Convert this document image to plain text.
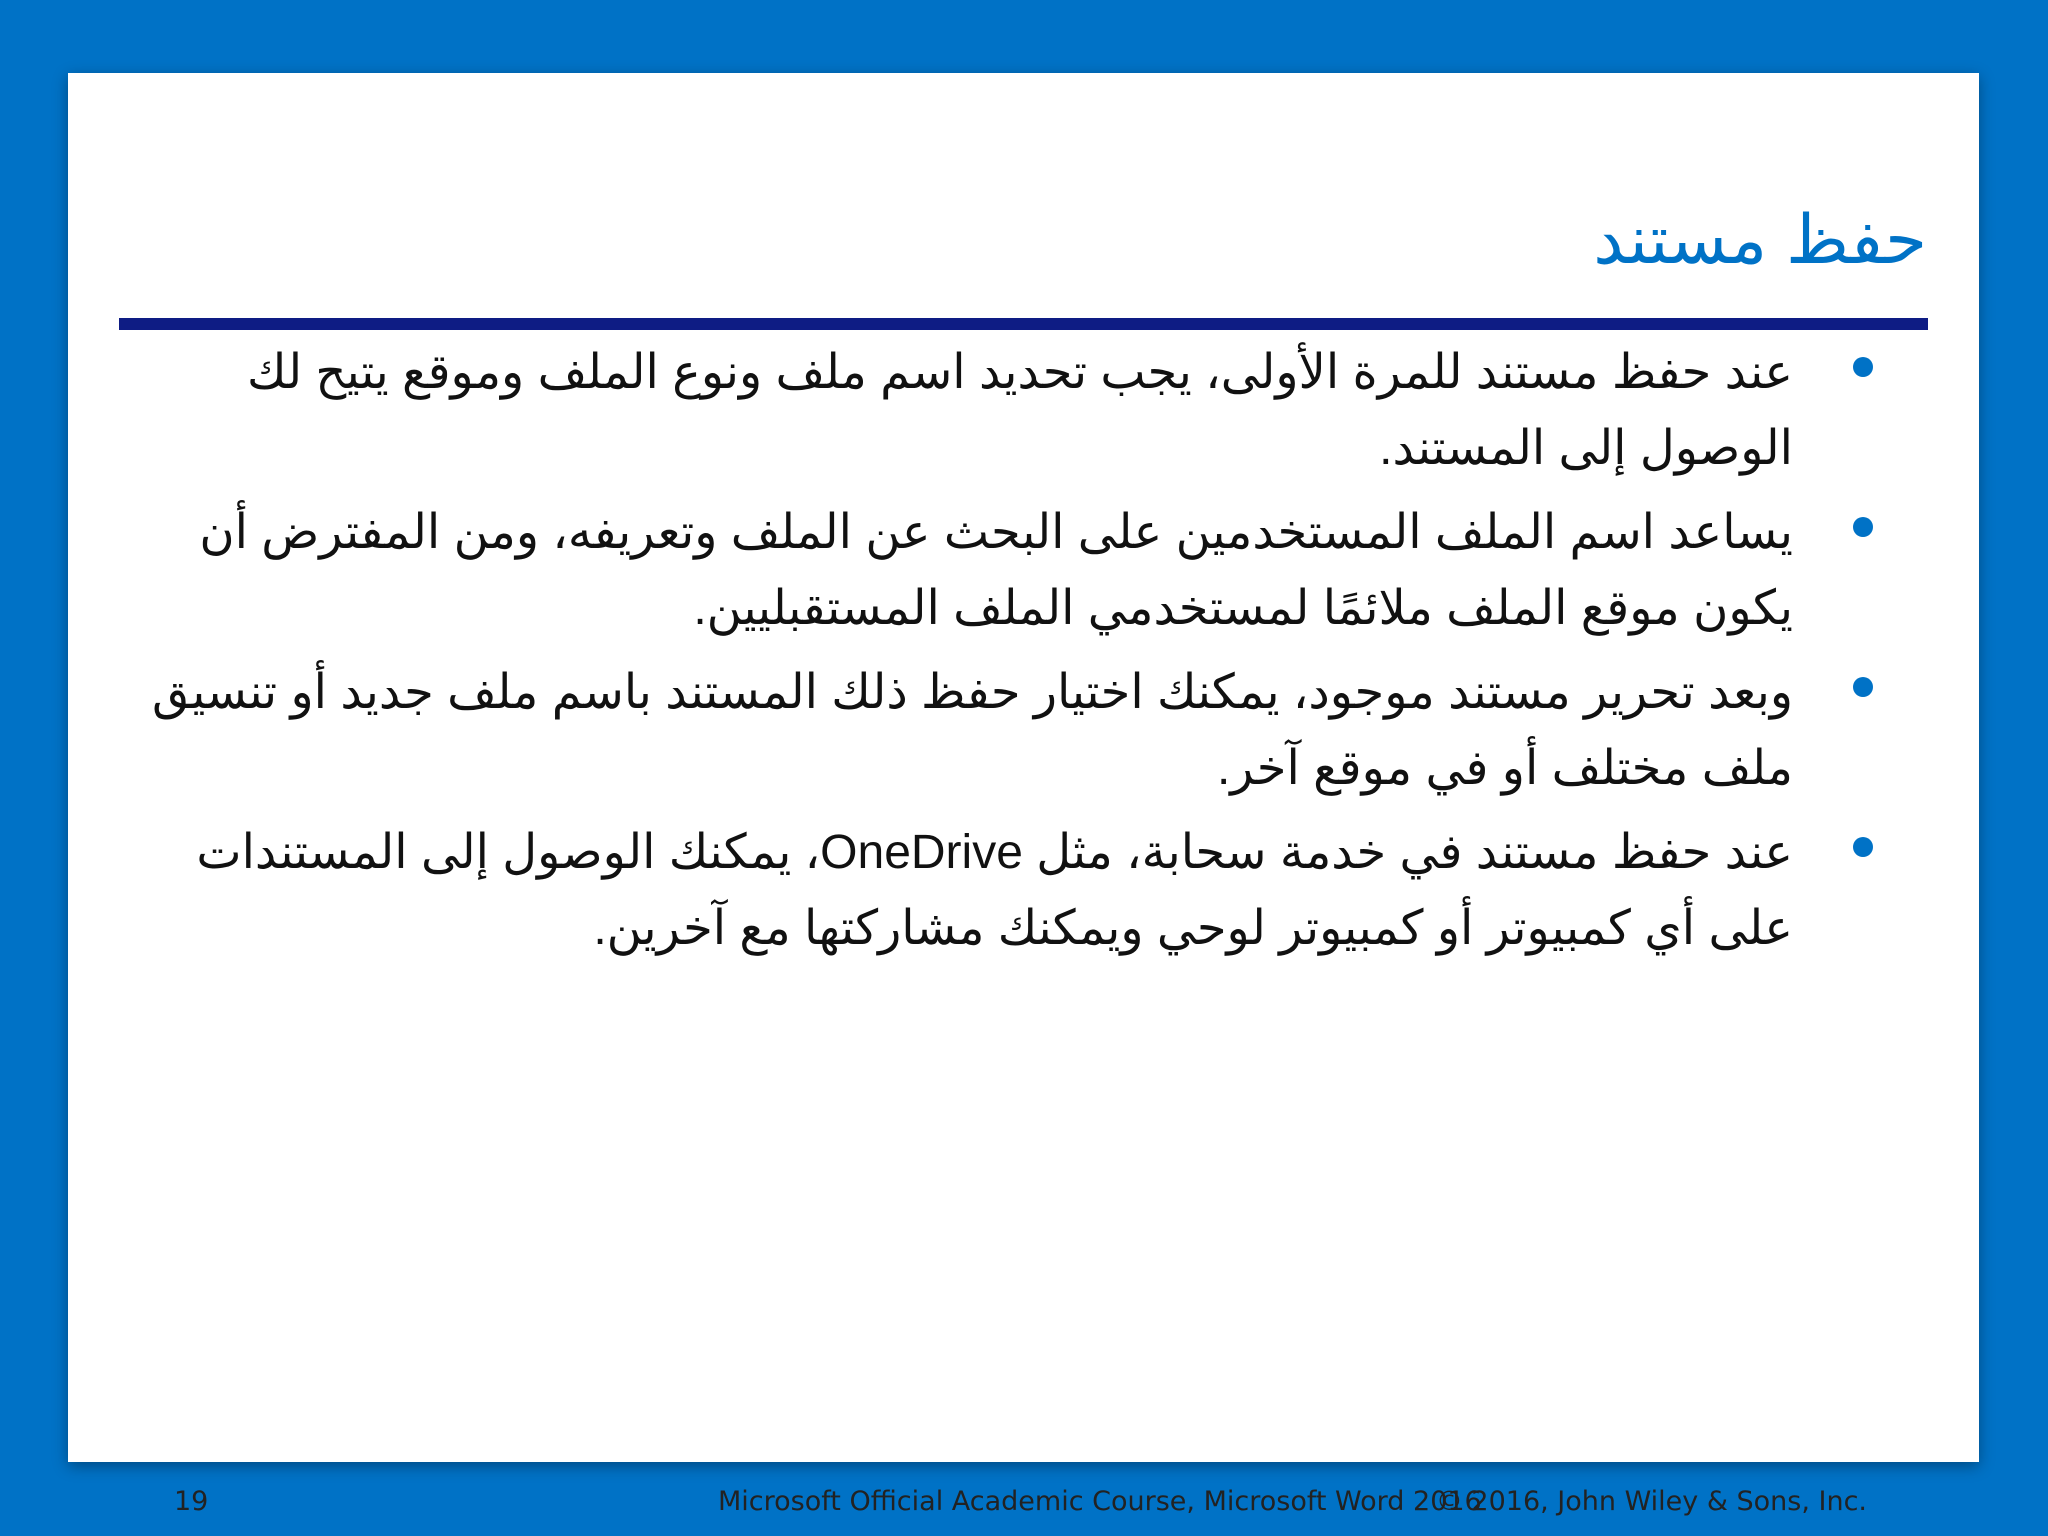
حفظ مستند
عند حفظ مستند للمرة الأولى، يجب تحديد اسم ملف ونوع الملف وموقع يتيح لك الوصول إلى المستند.
يساعد اسم الملف المستخدمين على البحث عن الملف وتعريفه، ومن المفترض أن يكون موقع الملف ملائمًا لمستخدمي الملف المستقبليين.
وبعد تحرير مستند موجود، يمكنك اختيار حفظ ذلك المستند باسم ملف جديد أو تنسيق ملف مختلف أو في موقع آخر.
عند حفظ مستند في خدمة سحابة، مثل OneDrive، يمكنك الوصول إلى المستندات على أي كمبيوتر أو كمبيوتر لوحي ويمكنك مشاركتها مع آخرين.
19	Microsoft Official Academic Course, Microsoft Word 2016
© 2016, John Wiley & Sons, Inc.
